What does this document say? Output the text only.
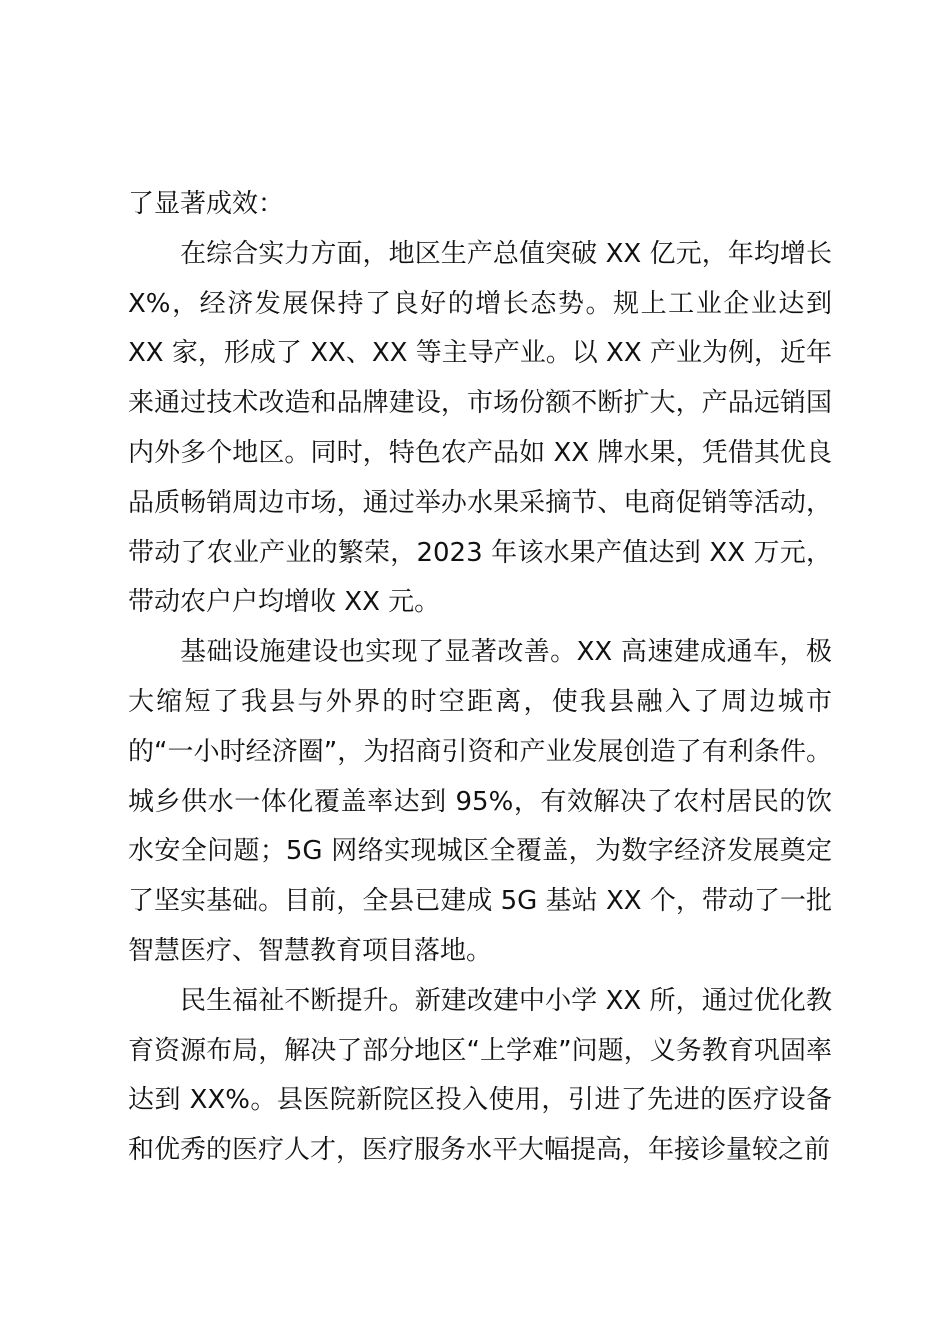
了显著成效：

在综合实力方面，地区生产总值突破 XX 亿元，年均增长 X%，经济发展保持了良好的增长态势。规上工业企业达到 XX 家，形成了 XX、XX 等主导产业。以 XX 产业为例，近年来通过技术改造和品牌建设，市场份额不断扩大，产品远销国内外多个地区。同时，特色农产品如 XX 牌水果，凭借其优良品质畅销周边市场，通过举办水果采摘节、电商促销等活动，带动了农业产业的繁荣，2023 年该水果产值达到 XX 万元，带动农户户均增收 XX 元。

基础设施建设也实现了显著改善。XX 高速建成通车，极大缩短了我县与外界的时空距离，使我县融入了周边城市的“一小时经济圈”，为招商引资和产业发展创造了有利条件。城乡供水一体化覆盖率达到 95%，有效解决了农村居民的饮水安全问题；5G 网络实现城区全覆盖，为数字经济发展奠定了坚实基础。目前，全县已建成 5G 基站 XX 个，带动了一批智慧医疗、智慧教育项目落地。

民生福祉不断提升。新建改建中小学 XX 所，通过优化教育资源布局，解决了部分地区“上学难”问题，义务教育巩固率达到 XX%。县医院新院区投入使用，引进了先进的医疗设备和优秀的医疗人才，医疗服务水平大幅提高，年接诊量较之前
